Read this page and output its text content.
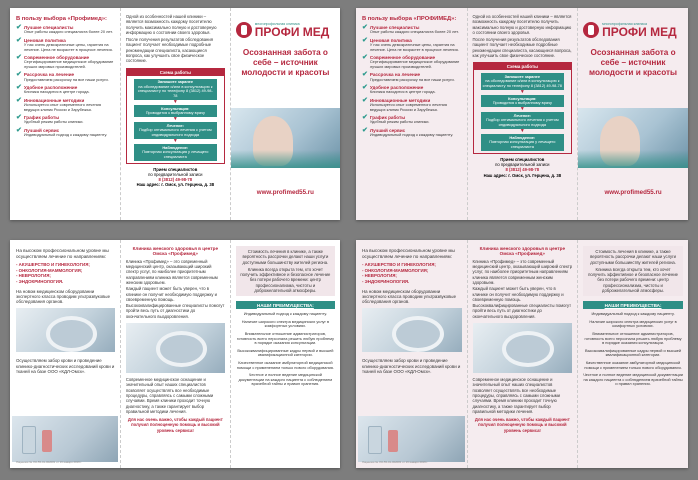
В пользу выбора «Профимед»:
✔ Лучшие специалисты
Опыт работы каждого специалиста более 20 лет.
✔ Ценовая политика
У нас очень демократичные цены, гарантия на лечение. Цена не возрастет в процессе лечения.
✔ Современное оборудование
Сертифицированное медицинское оборудование лучших мировых производителей.
✔ Рассрочка на лечение
Предоставляем рассрочку на все наши услуги.
✔ Удобное расположение
Клиника находится в центре города.
✔ Инновационные методики
Используется опыт современного лечения ведущих клиник России и Зарубежья.
✔ График работы
Удобный режим работы клиники.
✔ Лучший сервис
Индивидуальный подход к каждому пациенту.
Одной из особенностей нашей клиники – является возможность каждому посетителю получить максимально полную и достоверную информацию о состоянии своего здоровья.
После получения результатов обследования пациент получает необходимые подробные рекомендации специалиста, касающиеся вопроса, как улучшить свое физическое состояние.
Схема работы
Запишите заранее
на обследование и/или в консультацию к специалисту по телефону 8 (3812) 49-98-78
▼
Консультация:
Проводится к выбранному врачу
▼
Лечение:
Подбор оптимального лечения с учетом индивидуального подхода
▼
Наблюдение:
Повторная консультация у лечащего специалиста
Прием специалистов
по предварительной записи
8 (3812) 49-98-78
Наш адрес: г. Омск, ул. Герцена, д. 38
многопрофильная клиника
ПРОФИ МЕД
Осознанная забота о себе – источник молодости и красоты
www.profimed55.ru
В пользу выбора «ПРОФИМЕД»:
✔ Лучшие специалисты
Опыт работы каждого специалиста более 20 лет.
✔ Ценовая политика
У нас очень демократичные цены, гарантия на лечение. Цена не возрастет в процессе лечения.
✔ Современное оборудование
Сертифицированное медицинское оборудование лучших мировых производителей.
✔ Рассрочка на лечение
Предоставляем рассрочку на все наши услуги.
✔ Удобное расположение
Клиника находится в центре города.
✔ Инновационные методики
Используется опыт современного лечения ведущих клиник России и Зарубежья.
✔ График работы
Удобный режим работы клиники.
✔ Лучший сервис
Индивидуальный подход к каждому пациенту.
Одной из особенностей нашей клиники – является возможность каждому посетителю получить максимально полную и достоверную информацию о состоянии своего здоровья.
После получения результатов обследования пациент получает необходимые подробные рекомендации специалиста, касающиеся вопроса, как улучшить свое физическое состояние.
Схема работы
Запишите заранее
на обследование и/или в консультацию к специалисту по телефону 8 (3812) 49-98-78
▼
Консультация:
Проводится к выбранному врачу
▼
Лечение:
Подбор оптимального лечения с учетом индивидуального подхода
▼
Наблюдение:
Повторная консультация у лечащего специалиста
Прием специалистов
по предварительной записи
8 (3812) 49-98-78
Наш адрес: г. Омск, ул. Герцена, д. 38
многопрофильная клиника
ПРОФИ МЕД
Осознанная забота о себе – источник молодости и красоты
www.profimed55.ru
На высоком профессиональном уровне мы осуществляем лечение по направлениям:
- АКУШЕРСТВО И ГИНЕКОЛОГИЯ;
- ОНКОЛОГИЯ-МАММОЛОГИЯ;
- НЕВРОЛОГИЯ;
- ЭНДОКРИНОЛОГИЯ.
На новом медицинском оборудовании экспертного класса проводим ультразвуковые обследования органов.
Осуществляем забор крови и проведение клинико-диагностических исследований крови и тканей на базе ООО «КДЛ-Омск».
Лицензия № ЛО-55-01-002081 от 16 января 2019 г.
Клиника женского здоровья в центре Омска «Профимед»
Клиника «Профимед» – это современный медицинский центр, оказывающий широкий спектр услуг, по наиболее приоритетным направлениям клиника является современным женским здоровьем.
Каждый пациент может быть уверен, что в клинике он получит необходимую поддержку и своевременную помощь.
Высококвалифицированные специалисты помогут пройти весь путь от диагностики до окончательного выздоровления.
Современное медицинское оснащение и значительный опыт наших специалистов позволяет осуществлять все необходимые процедуры, справляясь с самыми сложными случаями. Время клиники проходит точную диагностику, а также гарантирует выбор правильной методики лечения.
Для нас очень важно, чтобы каждый пациент получил полноценную помощь и высокий уровень сервиса!
Стоимость лечения в клинике, а также вероятность рассрочки делают наши услуги доступными большинству жителей региона.
Клиника всегда открыта тем, кто хочет получить эффективное и безопасное лечение без потери рабочего времени: центр профессионализма, чистоты и доброжелательной атмосферы.
НАШИ ПРЕИМУЩЕСТВА:
Индивидуальный подход к каждому пациенту.
Наличие широкого спектра медицинских услуг в комфортных условиях.
Внимательное отношение администраторов, готовность всего персонала решить любую проблему в порядке оказания консультации.
Высококвалифицированные кадры первой и высшей квалификационной категории.
Качественное оказание амбулаторной медицинской помощи с применением только нового оборудования.
Честное и полное ведение медицинской документации на каждого пациента с соблюдением врачебной тайны и правил хранения.
На высоком профессиональном уровне мы осуществляем лечение по направлениям:
- АКУШЕРСТВО И ГИНЕКОЛОГИЯ;
- ОНКОЛОГИЯ-МАММОЛОГИЯ;
- НЕВРОЛОГИЯ;
- ЭНДОКРИНОЛОГИЯ.
На новом медицинском оборудовании экспертного класса проводим ультразвуковые обследования органов.
Осуществляем забор крови и проведение клинико-диагностических исследований крови и тканей на базе ООО «КДЛ-Омск».
Лицензия № ЛО-55-01-002081 от 16 января 2019 г.
Клиника женского здоровья в центре Омска «Профимед»
Клиника «Профимед» – это современный медицинский центр, оказывающий широкий спектр услуг, по наиболее приоритетным направлениям клиника является современным женским здоровьем.
Каждый пациент может быть уверен, что в клинике он получит необходимую поддержку и своевременную помощь.
Высококвалифицированные специалисты помогут пройти весь путь от диагностики до окончательного выздоровления.
Современное медицинское оснащение и значительный опыт наших специалистов позволяет осуществлять все необходимые процедуры, справляясь с самыми сложными случаями. Время клиники проходит точную диагностику, а также гарантирует выбор правильной методики лечения.
Для нас очень важно, чтобы каждый пациент получил полноценную помощь и высокий уровень сервиса!
Стоимость лечения в клинике, а также вероятность рассрочки делают наши услуги доступными большинству жителей региона.
Клиника всегда открыта тем, кто хочет получить эффективное и безопасное лечение без потери рабочего времени: центр профессионализма, чистоты и доброжелательной атмосферы.
НАШИ ПРЕИМУЩЕСТВА:
Индивидуальный подход к каждому пациенту.
Наличие широкого спектра медицинских услуг в комфортных условиях.
Внимательное отношение администраторов, готовность всего персонала решить любую проблему в порядке оказания консультации.
Высококвалифицированные кадры первой и высшей квалификационной категории.
Качественное оказание амбулаторной медицинской помощи с применением только нового оборудования.
Честное и полное ведение медицинской документации на каждого пациента с соблюдением врачебной тайны и правил хранения.
